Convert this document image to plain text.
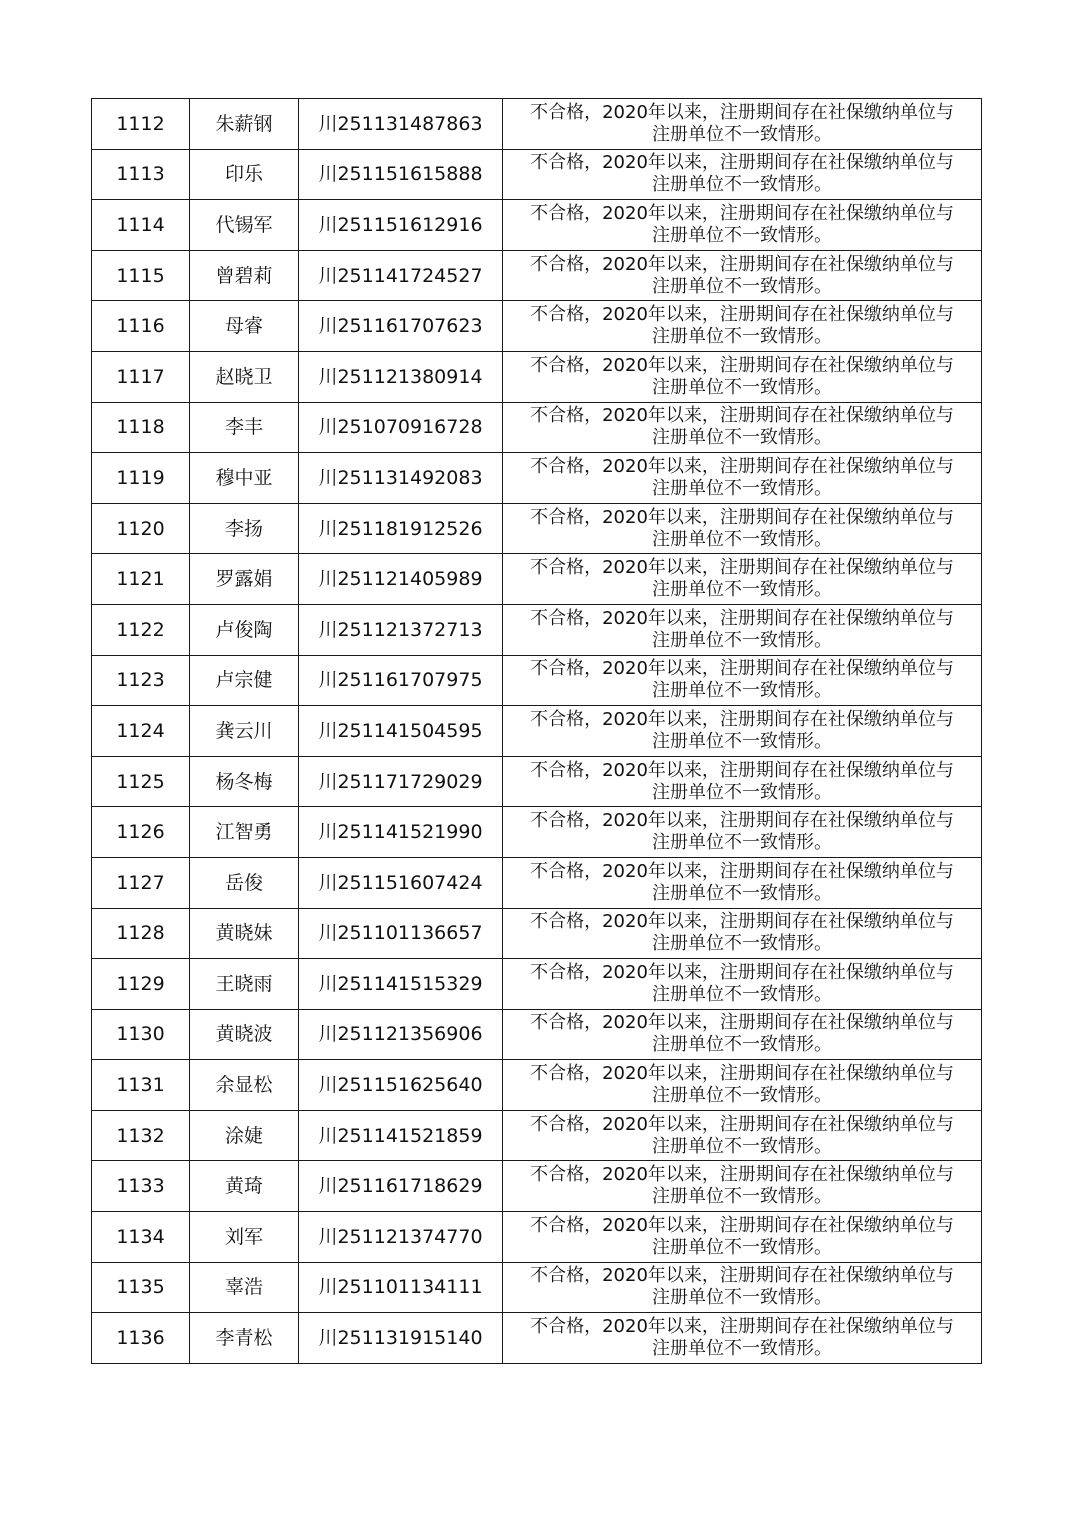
1112	朱薪钢	川251131487863	不合格，2020年以来，注册期间存在社保缴纳单位与
注册单位不一致情形。

1113	印乐	川251151615888	不合格，2020年以来，注册期间存在社保缴纳单位与
注册单位不一致情形。

1114	代锡军	川251151612916	不合格，2020年以来，注册期间存在社保缴纳单位与
注册单位不一致情形。

1115	曾碧莉	川251141724527	不合格，2020年以来，注册期间存在社保缴纳单位与
注册单位不一致情形。

1116	母睿	川251161707623	不合格，2020年以来，注册期间存在社保缴纳单位与
注册单位不一致情形。

1117	赵晓卫	川251121380914	不合格，2020年以来，注册期间存在社保缴纳单位与
注册单位不一致情形。

1118	李丰	川251070916728	不合格，2020年以来，注册期间存在社保缴纳单位与
注册单位不一致情形。

1119	穆中亚	川251131492083	不合格，2020年以来，注册期间存在社保缴纳单位与
注册单位不一致情形。

1120	李扬	川251181912526	不合格，2020年以来，注册期间存在社保缴纳单位与
注册单位不一致情形。

1121	罗露娟	川251121405989	不合格，2020年以来，注册期间存在社保缴纳单位与
注册单位不一致情形。

1122	卢俊陶	川251121372713	不合格，2020年以来，注册期间存在社保缴纳单位与
注册单位不一致情形。

1123	卢宗健	川251161707975	不合格，2020年以来，注册期间存在社保缴纳单位与
注册单位不一致情形。

1124	龚云川	川251141504595	不合格，2020年以来，注册期间存在社保缴纳单位与
注册单位不一致情形。

1125	杨冬梅	川251171729029	不合格，2020年以来，注册期间存在社保缴纳单位与
注册单位不一致情形。

1126	江智勇	川251141521990	不合格，2020年以来，注册期间存在社保缴纳单位与
注册单位不一致情形。

1127	岳俊	川251151607424	不合格，2020年以来，注册期间存在社保缴纳单位与
注册单位不一致情形。

1128	黄晓妹	川251101136657	不合格，2020年以来，注册期间存在社保缴纳单位与
注册单位不一致情形。

1129	王晓雨	川251141515329	不合格，2020年以来，注册期间存在社保缴纳单位与
注册单位不一致情形。

1130	黄晓波	川251121356906	不合格，2020年以来，注册期间存在社保缴纳单位与
注册单位不一致情形。

1131	余显松	川251151625640	不合格，2020年以来，注册期间存在社保缴纳单位与
注册单位不一致情形。

1132	涂婕	川251141521859	不合格，2020年以来，注册期间存在社保缴纳单位与
注册单位不一致情形。

1133	黄琦	川251161718629	不合格，2020年以来，注册期间存在社保缴纳单位与
注册单位不一致情形。

1134	刘军	川251121374770	不合格，2020年以来，注册期间存在社保缴纳单位与
注册单位不一致情形。

1135	辜浩	川251101134111	不合格，2020年以来，注册期间存在社保缴纳单位与
注册单位不一致情形。

1136	李青松	川251131915140	不合格，2020年以来，注册期间存在社保缴纳单位与
注册单位不一致情形。
